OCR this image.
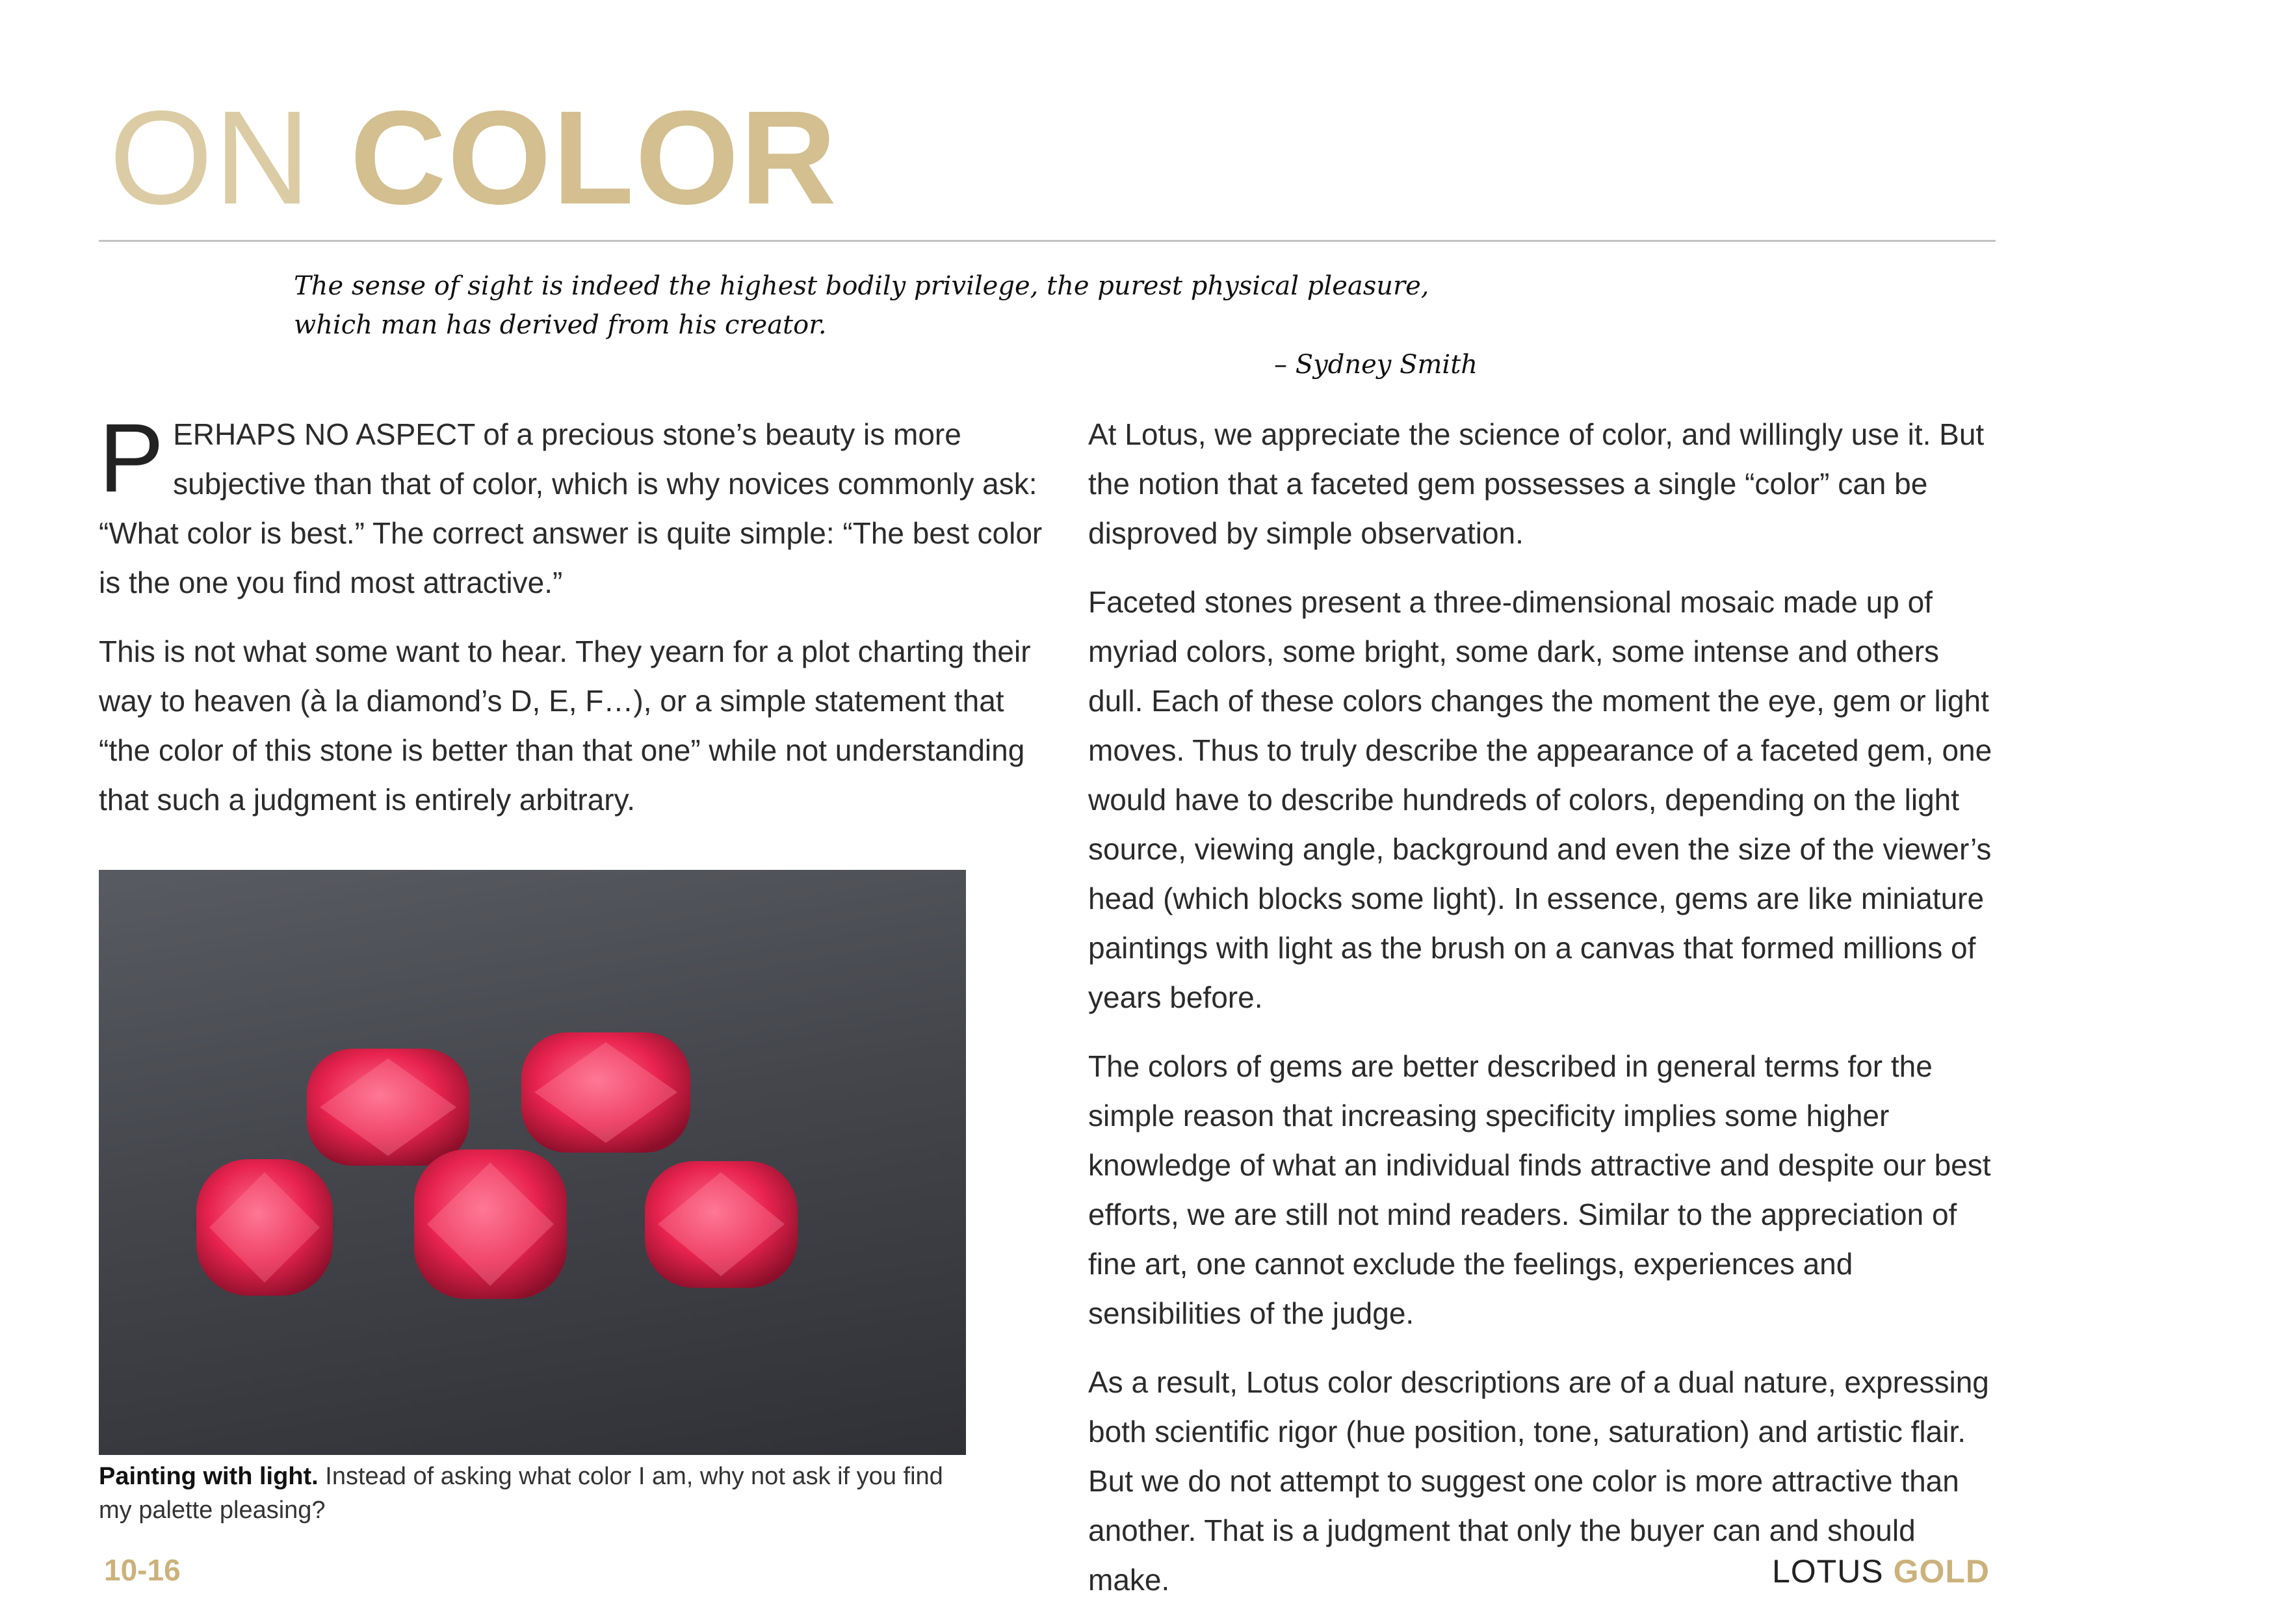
ON COLOR

The sense of sight is indeed the highest bodily privilege, the purest physical pleasure, which man has derived from his creator.

– Sydney Smith

PERHAPS NO ASPECT of a precious stone’s beauty is more subjective than that of color, which is why novices commonly ask: “What color is best.” The correct answer is quite simple: “The best color is the one you find most attractive.”

This is not what some want to hear. They yearn for a plot charting their way to heaven (à la diamond’s D, E, F…), or a simple statement that “the color of this stone is better than that one” while not understanding that such a judgment is entirely arbitrary.

Painting with light. Instead of asking what color I am, why not ask if you find my palette pleasing?

At Lotus, we appreciate the science of color, and willingly use it. But the notion that a faceted gem possesses a single “color” can be disproved by simple observation.

Faceted stones present a three-dimensional mosaic made up of myriad colors, some bright, some dark, some intense and others dull. Each of these colors changes the moment the eye, gem or light moves. Thus to truly describe the appearance of a faceted gem, one would have to describe hundreds of colors, depending on the light source, viewing angle, background and even the size of the viewer’s head (which blocks some light). In essence, gems are like miniature paintings with light as the brush on a canvas that formed millions of years before.

The colors of gems are better described in general terms for the simple reason that increasing specificity implies some higher knowledge of what an individual finds attractive and despite our best efforts, we are still not mind readers. Similar to the appreciation of fine art, one cannot exclude the feelings, experiences and sensibilities of the judge.

As a result, Lotus color descriptions are of a dual nature, expressing both scientific rigor (hue position, tone, saturation) and artistic flair. But we do not attempt to suggest one color is more attractive than another. That is a judgment that only the buyer can and should make.

10-16	LOTUS GOLD
